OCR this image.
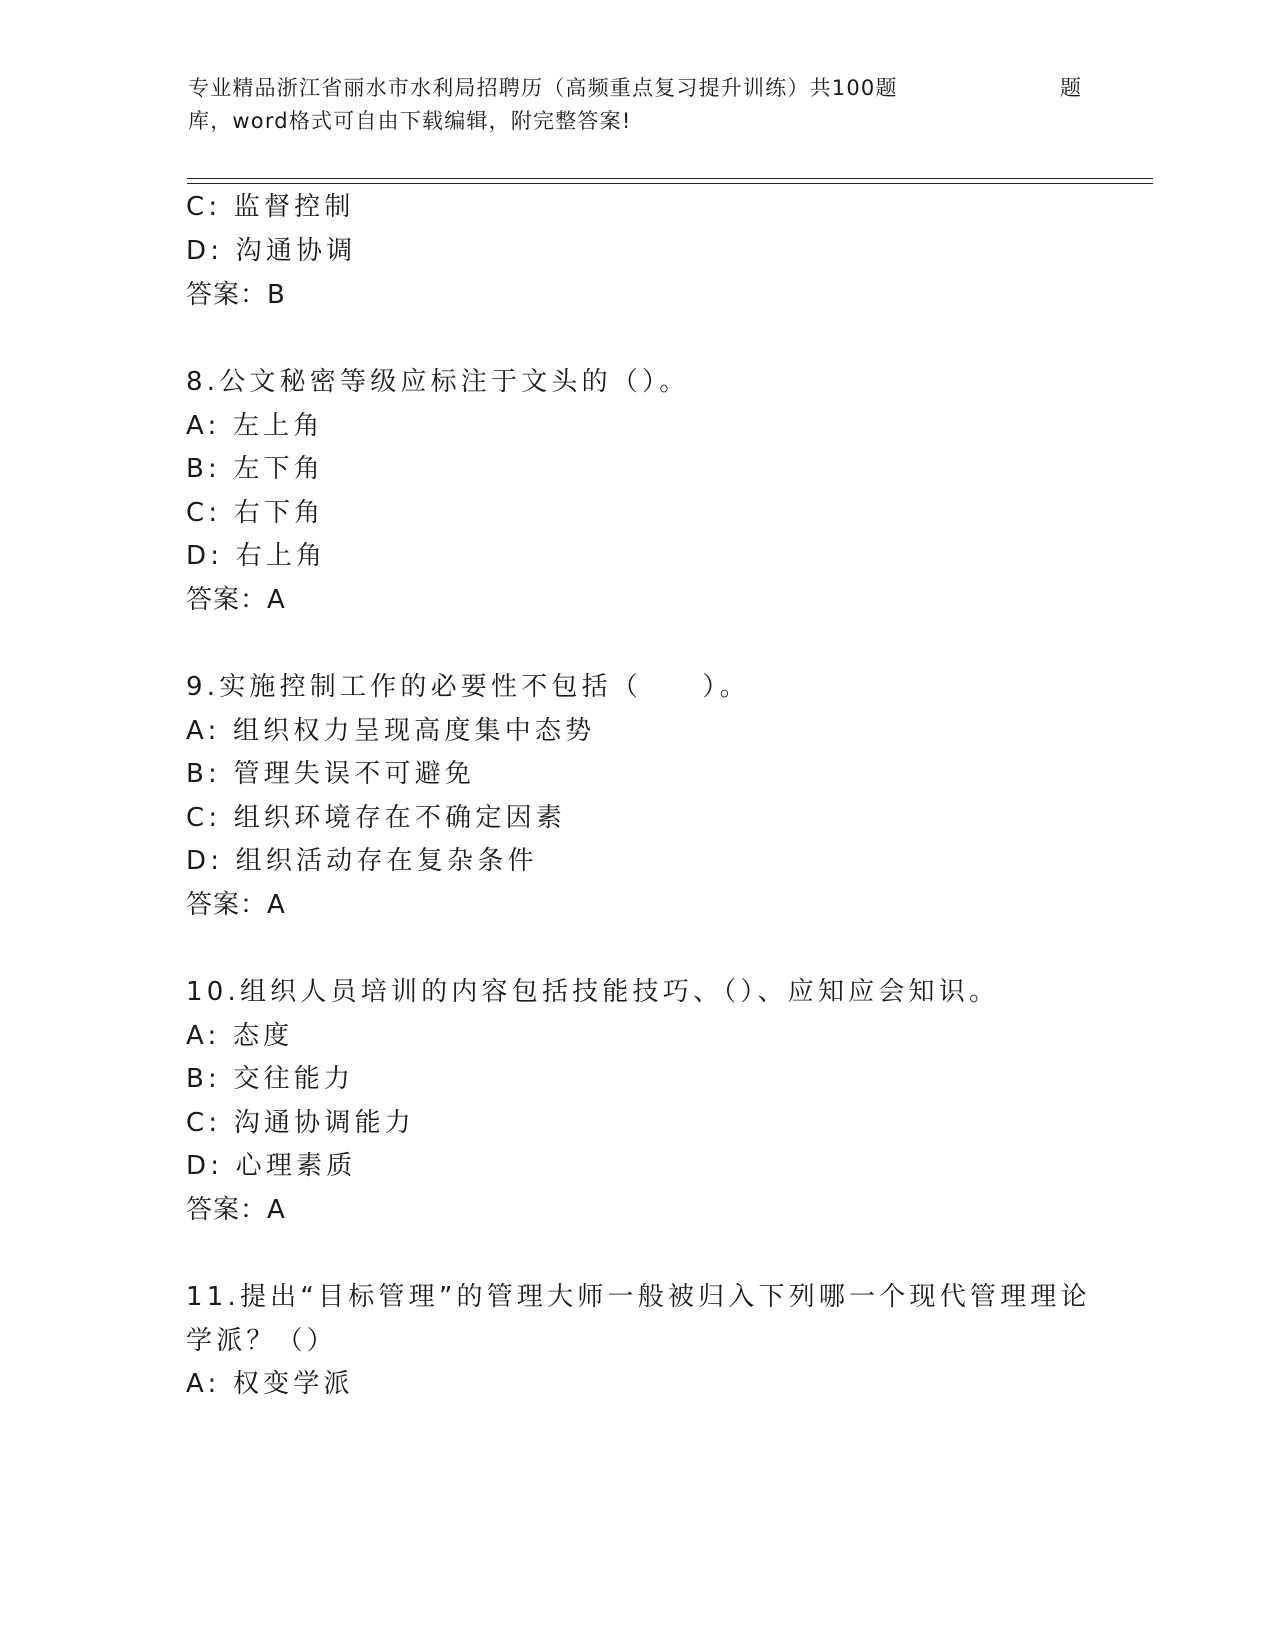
专业精品浙江省丽水市水利局招聘历（高频重点复习提升训练）共100题	题
库，word格式可自由下载编辑，附完整答案!
C: 监督控制
D: 沟通协调
答案：B
8.公文秘密等级应标注于文头的（）。
A: 左上角
B: 左下角
C: 右下角
D: 右上角
答案：A
9.实施控制工作的必要性不包括（　　）。
A: 组织权力呈现高度集中态势
B: 管理失误不可避免
C: 组织环境存在不确定因素
D: 组织活动存在复杂条件
答案：A
10.组织人员培训的内容包括技能技巧、（）、应知应会知识。
A: 态度
B: 交往能力
C: 沟通协调能力
D: 心理素质
答案：A
11.提出“目标管理”的管理大师一般被归入下列哪一个现代管理理论
学派？（）
A: 权变学派
